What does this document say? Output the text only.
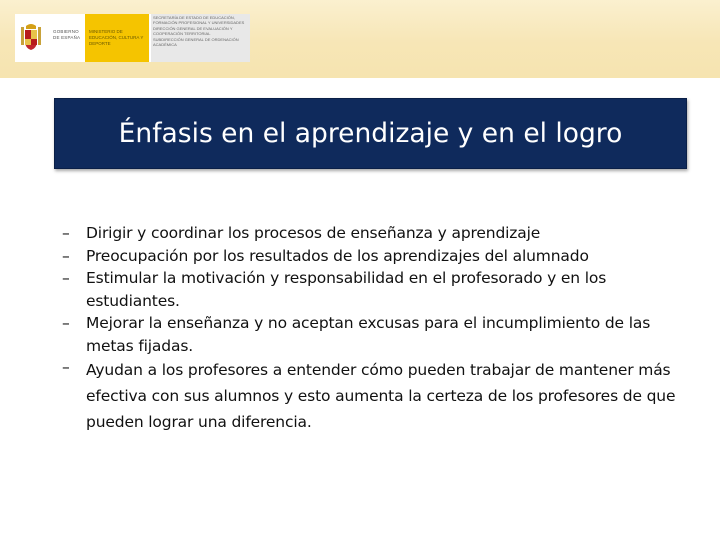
GOBIERNO DE ESPAÑA
MINISTERIO DE EDUCACIÓN, CULTURA Y DEPORTE
SECRETARÍA DE ESTADO DE EDUCACIÓN, FORMACIÓN PROFESIONAL Y UNIVERSIDADES
DIRECCIÓN GENERAL DE EVALUACIÓN Y COOPERACIÓN TERRITORIAL
SUBDIRECCIÓN GENERAL DE ORDENACIÓN ACADÉMICA
Énfasis en el aprendizaje y en el logro
– Dirigir y coordinar los procesos de enseñanza y aprendizaje
– Preocupación por los resultados de los aprendizajes del alumnado
– Estimular la motivación y responsabilidad en el profesorado y en los estudiantes.
– Mejorar la enseñanza y no aceptan excusas para el incumplimiento de las metas fijadas.
– Ayudan a los profesores a entender cómo pueden trabajar de mantener más efectiva con sus alumnos y esto aumenta la certeza de los profesores de que pueden lograr una diferencia.
